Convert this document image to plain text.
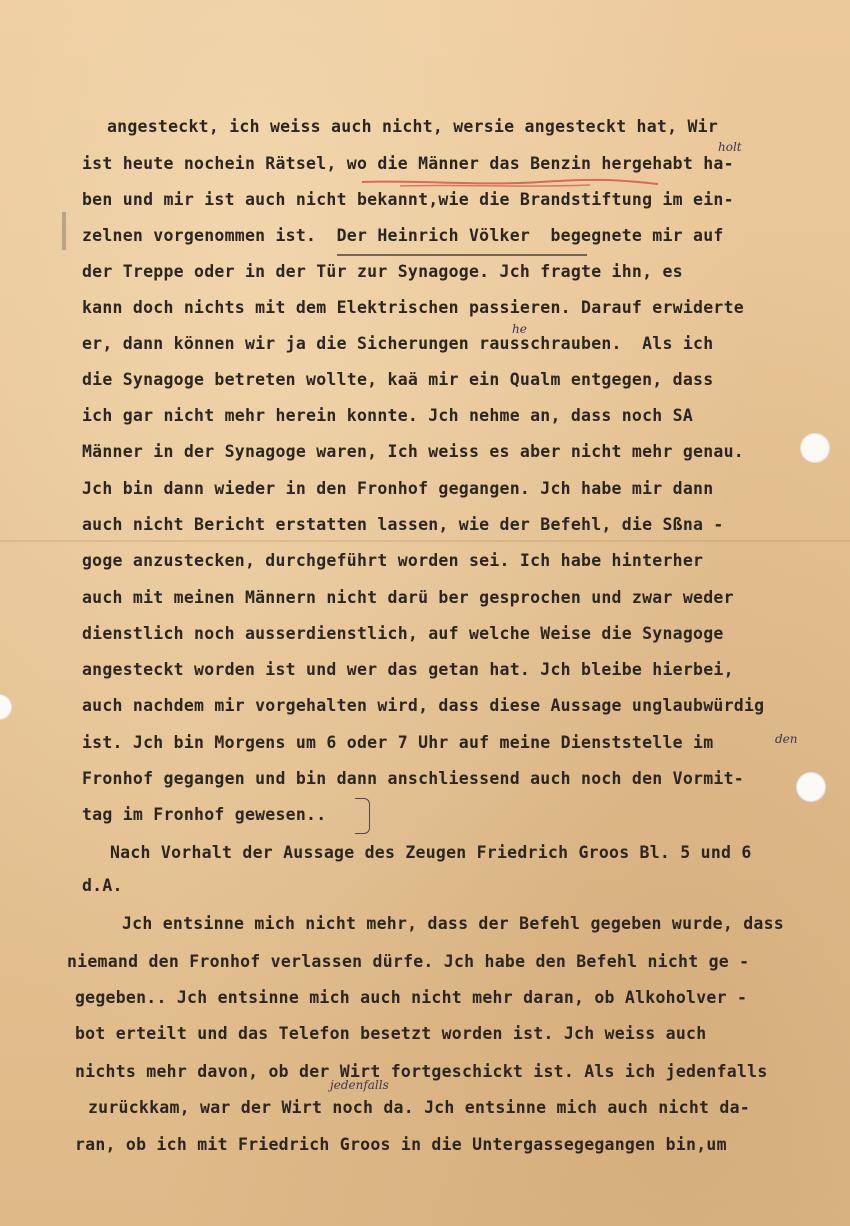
angesteckt, ich weiss auch nicht, wersie angesteckt hat, Wir
ist heute nochein Rätsel, wo die Männer das Benzin hergehabt ha-
ben und mir ist auch nicht bekannt,wie die Brandstiftung im ein-
zelnen vorgenommen ist.  Der Heinrich Völker  begegnete mir auf
der Treppe oder in der Tür zur Synagoge. Jch fragte ihn, es
kann doch nichts mit dem Elektrischen passieren. Darauf erwiderte
er, dann können wir ja die Sicherungen rausschrauben.  Als ich
die Synagoge betreten wollte, kaä mir ein Qualm entgegen, dass
ich gar nicht mehr herein konnte. Jch nehme an, dass noch SA
Männer in der Synagoge waren, Ich weiss es aber nicht mehr genau.
Jch bin dann wieder in den Fronhof gegangen. Jch habe mir dann
auch nicht Bericht erstatten lassen, wie der Befehl, die Sßna -
goge anzustecken, durchgeführt worden sei. Ich habe hinterher
auch mit meinen Männern nicht darü ber gesprochen und zwar weder
dienstlich noch ausserdienstlich, auf welche Weise die Synagoge
angesteckt worden ist und wer das getan hat. Jch bleibe hierbei,
auch nachdem mir vorgehalten wird, dass diese Aussage unglaubwürdig
ist. Jch bin Morgens um 6 oder 7 Uhr auf meine Dienststelle im
Fronhof gegangen und bin dann anschliessend auch noch den Vormit-
tag im Fronhof gewesen..
Nach Vorhalt der Aussage des Zeugen Friedrich Groos Bl. 5 und 6
d.A.
Jch entsinne mich nicht mehr, dass der Befehl gegeben wurde, dass
niemand den Fronhof verlassen dürfe. Jch habe den Befehl nicht ge -
gegeben.. Jch entsinne mich auch nicht mehr daran, ob Alkoholver -
bot erteilt und das Telefon besetzt worden ist. Jch weiss auch
nichts mehr davon, ob der Wirt fortgeschickt ist. Als ich jedenfalls
zurückkam, war der Wirt noch da. Jch entsinne mich auch nicht da-
ran, ob ich mit Friedrich Groos in die Untergassegegangen bin,um
holt
he
jedenfalls
den
